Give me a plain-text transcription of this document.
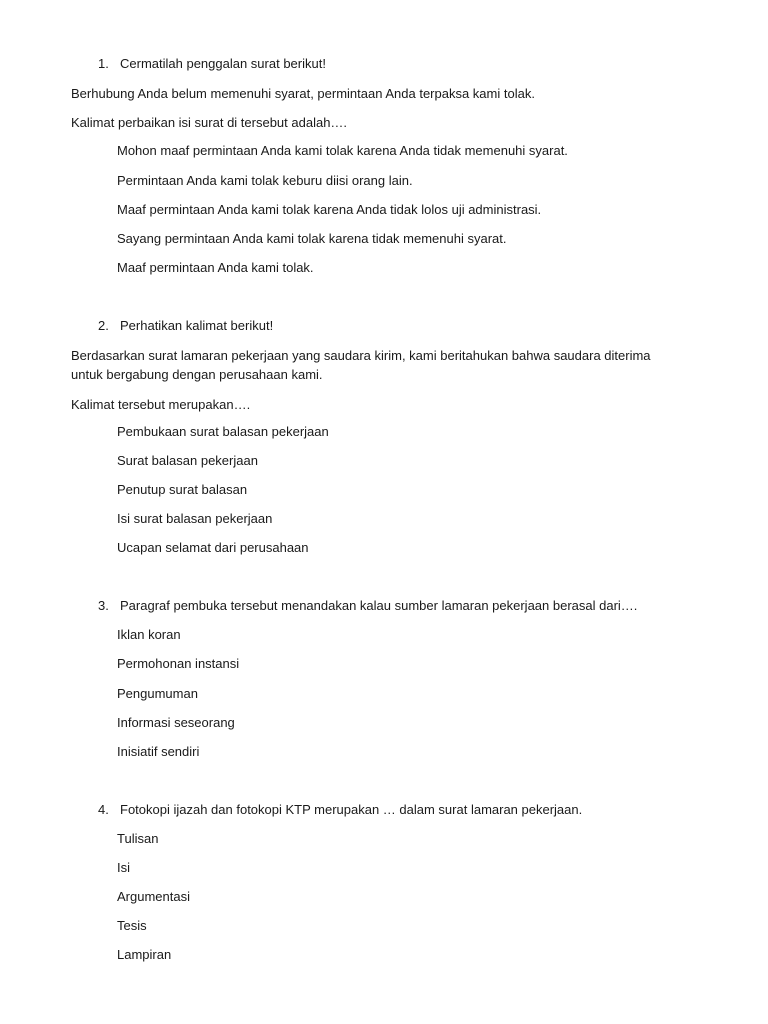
1. Cermatilah penggalan surat berikut!

Berhubung Anda belum memenuhi syarat, permintaan Anda terpaksa kami tolak.

Kalimat perbaikan isi surat di tersebut adalah….

Mohon maaf permintaan Anda kami tolak karena Anda tidak memenuhi syarat.

Permintaan Anda kami tolak keburu diisi orang lain.

Maaf permintaan Anda kami tolak karena Anda tidak lolos uji administrasi.

Sayang permintaan Anda kami tolak karena tidak memenuhi syarat.

Maaf permintaan Anda kami tolak.

2. Perhatikan kalimat berikut!

Berdasarkan surat lamaran pekerjaan yang saudara kirim, kami beritahukan bahwa saudara diterima untuk bergabung dengan perusahaan kami.

Kalimat tersebut merupakan….

Pembukaan surat balasan pekerjaan

Surat balasan pekerjaan

Penutup surat balasan

Isi surat balasan pekerjaan

Ucapan selamat dari perusahaan

3. Paragraf pembuka tersebut menandakan kalau sumber lamaran pekerjaan berasal dari….

Iklan koran

Permohonan instansi

Pengumuman

Informasi seseorang

Inisiatif sendiri

4. Fotokopi ijazah dan fotokopi KTP merupakan … dalam surat lamaran pekerjaan.

Tulisan

Isi

Argumentasi

Tesis

Lampiran
